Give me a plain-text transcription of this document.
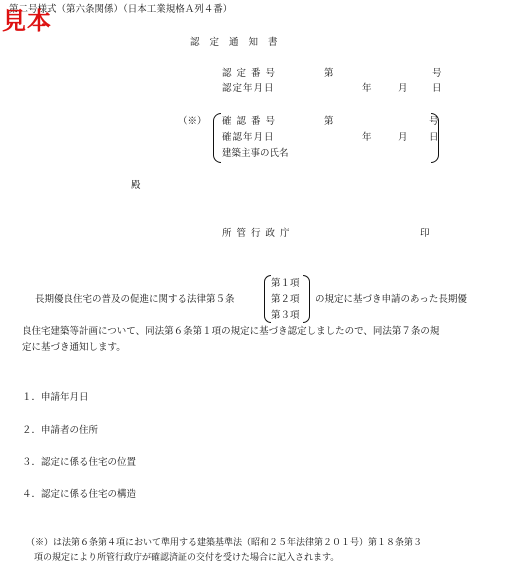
第二号様式（第六条関係）（日本工業規格Ａ列４番）
見本
認定通知書
認定番号	第	号
認定年月日	年	月	日
（※） 確認番号	第	号
確認年月日	年	月 日
建築主事の氏名
殿
所管行政庁	印
長期優良住宅の普及の促進に関する法律第５条
第１項
第２項
第３項
の規定に基づき申請のあった長期優
良住宅建築等計画について、同法第６条第１項の規定に基づき認定しましたので、同法第７条の規
定に基づき通知します。
１．申請年月日
２．申請者の住所
３．認定に係る住宅の位置
４．認定に係る住宅の構造
（※）は法第６条第４項において準用する建築基準法（昭和２５年法律第２０１号）第１８条第３
項の規定により所管行政庁が確認済証の交付を受けた場合に記入されます。
